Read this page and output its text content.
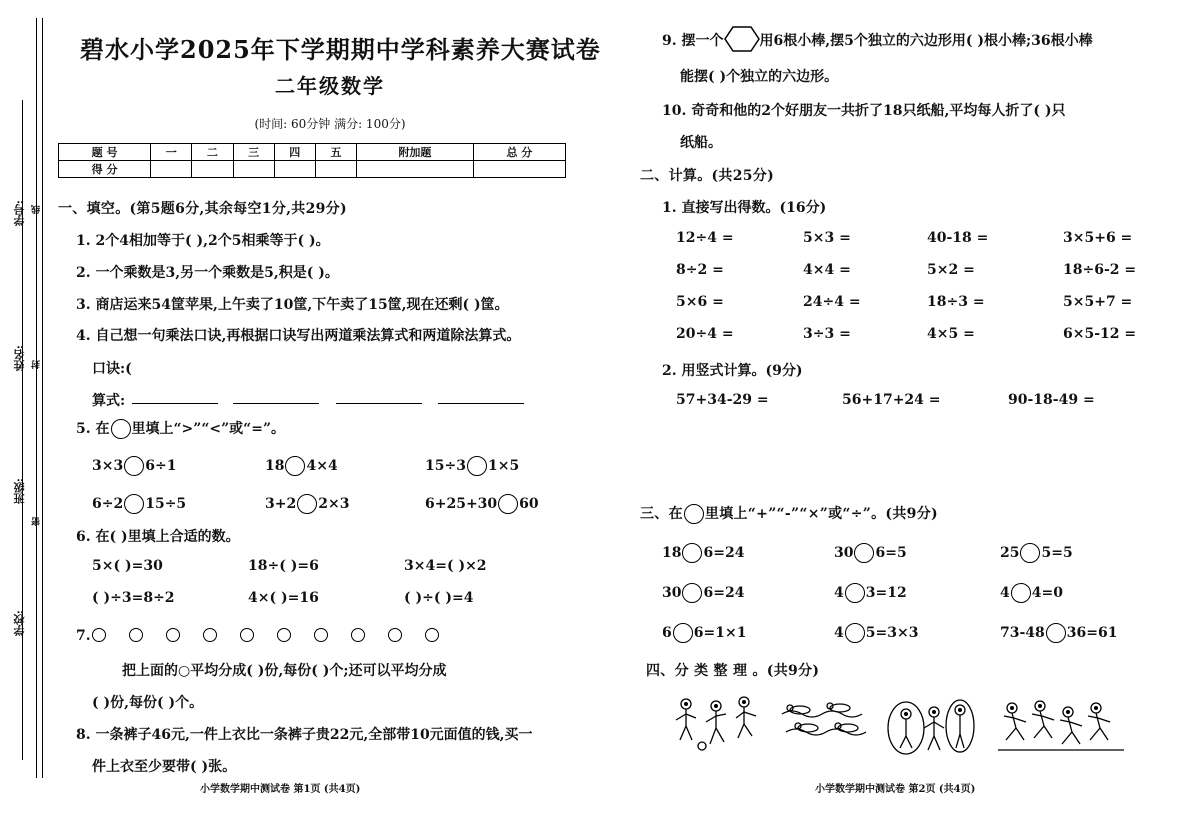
学号:
姓名:
班级:
学校:
线
封
密
碧水小学2025年下学期期中学科素养大赛试卷
二年级数学
(时间: 60分钟 满分: 100分)
题 号	一	二	三	四	五	附加题	总 分
得 分							
一、填空。(第5题6分,其余每空1分,共29分)
1. 2个4相加等于( ),2个5相乘等于( )。
2. 一个乘数是3,另一个乘数是5,积是( )。
3. 商店运来54筐苹果,上午卖了10筐,下午卖了15筐,现在还剩( )筐。
4. 自己想一句乘法口诀,再根据口诀写出两道乘法算式和两道除法算式。
口诀:(
算式:
5. 在 里填上“>”“<”或“=”。
3×3 6÷1	18 4×4	15÷3 1×5
6÷2 15÷5	3+2 2×3	6+25+30 60
6. 在( )里填上合适的数。
5×( )=30	18÷( )=6	3×4=( )×2
( )÷3=8÷2	4×( )=16	( )÷( )=4
7.
把上面的○平均分成( )份,每份( )个;还可以平均分成
( )份,每份( )个。
8. 一条裤子46元,一件上衣比一条裤子贵22元,全部带10元面值的钱,买一
件上衣至少要带( )张。
小学数学期中测试卷 第1页 (共4页)
9. 摆一个	用6根小棒,摆5个独立的六边形用( )根小棒;36根小棒
能摆( )个独立的六边形。
10. 奇奇和他的2个好朋友一共折了18只纸船,平均每人折了( )只
纸船。
二、计算。(共25分)
1. 直接写出得数。(16分)
12÷4 =	5×3 =	40-18 =	3×5+6 =
8÷2 =	4×4 =	5×2 =	18÷6-2 =
5×6 =	24÷4 =	18÷3 =	5×5+7 =
20÷4 =	3÷3 =	4×5 =	6×5-12 =
2. 用竖式计算。(9分)
57+34-29 =	56+17+24 =	90-18-49 =
三、在 里填上“+”“-”“×”或“÷”。(共9分)
18 6=24	30 6=5	25 5=5
30 6=24	4 3=12	4 4=0
6 6=1×1	4 5=3×3	73-48 36=61
四、分 类 整 理 。(共9分)
小学数学期中测试卷 第2页 (共4页)
